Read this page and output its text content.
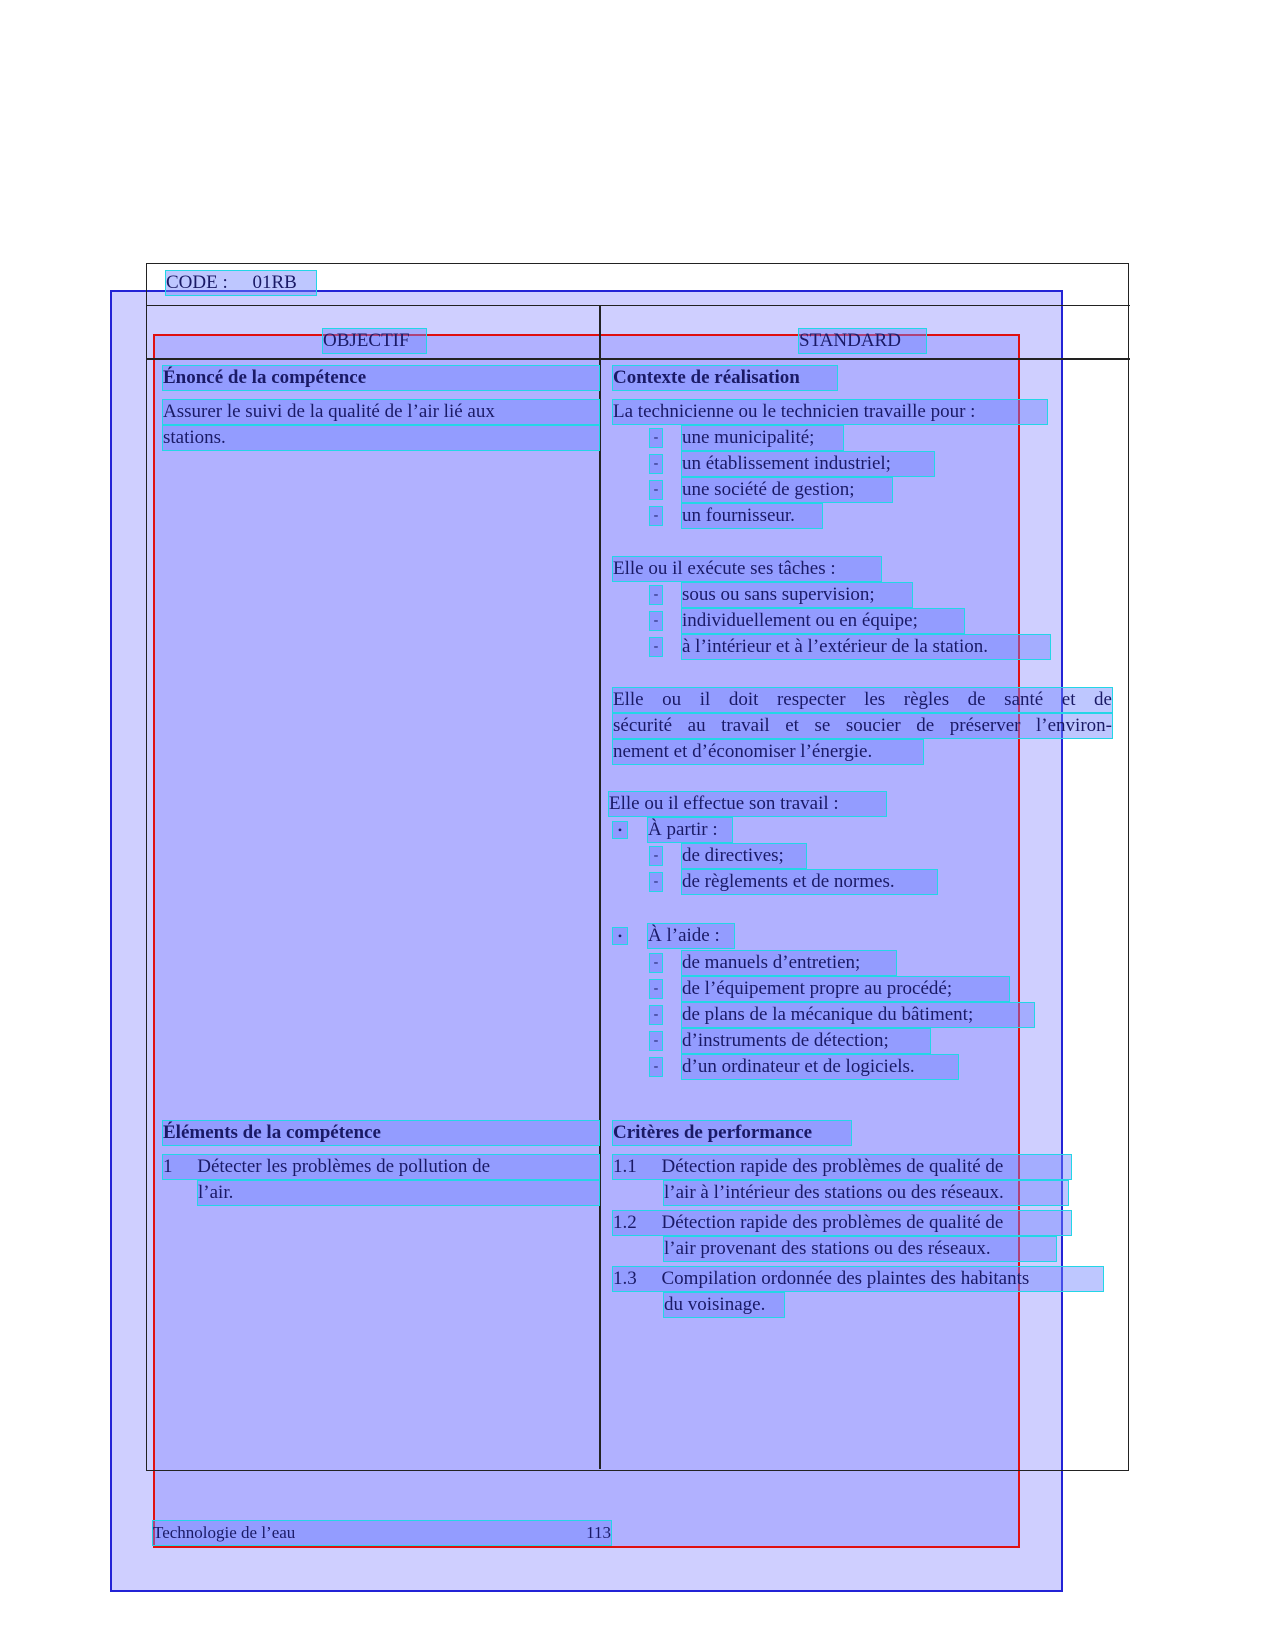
CODE : 01RB
OBJECTIF	STANDARD
Énoncé de la compétence
Assurer le suivi de la qualité de l’air lié aux
stations.
Éléments de la compétence
1 Détecter les problèmes de pollution de
l’air.
Contexte de réalisation
La technicienne ou le technicien travaille pour :
- une municipalité;
- un établissement industriel;
- une société de gestion;
- un fournisseur.
Elle ou il exécute ses tâches :
- sous ou sans supervision;
- individuellement ou en équipe;
- à l’intérieur et à l’extérieur de la station.
Elle ou il doit respecter les règles de santé et de
sécurité au travail et se soucier de préserver l’environ-
nement et d’économiser l’énergie.
Elle ou il effectue son travail :
• À partir :
- de directives;
- de règlements et de normes.
• À l’aide :
- de manuels d’entretien;
- de l’équipement propre au procédé;
- de plans de la mécanique du bâtiment;
- d’instruments de détection;
- d’un ordinateur et de logiciels.
Critères de performance
1.1 Détection rapide des problèmes de qualité de
l’air à l’intérieur des stations ou des réseaux.
1.2 Détection rapide des problèmes de qualité de
l’air provenant des stations ou des réseaux.
1.3 Compilation ordonnée des plaintes des habitants
du voisinage.
Technologie de l’eau	113
